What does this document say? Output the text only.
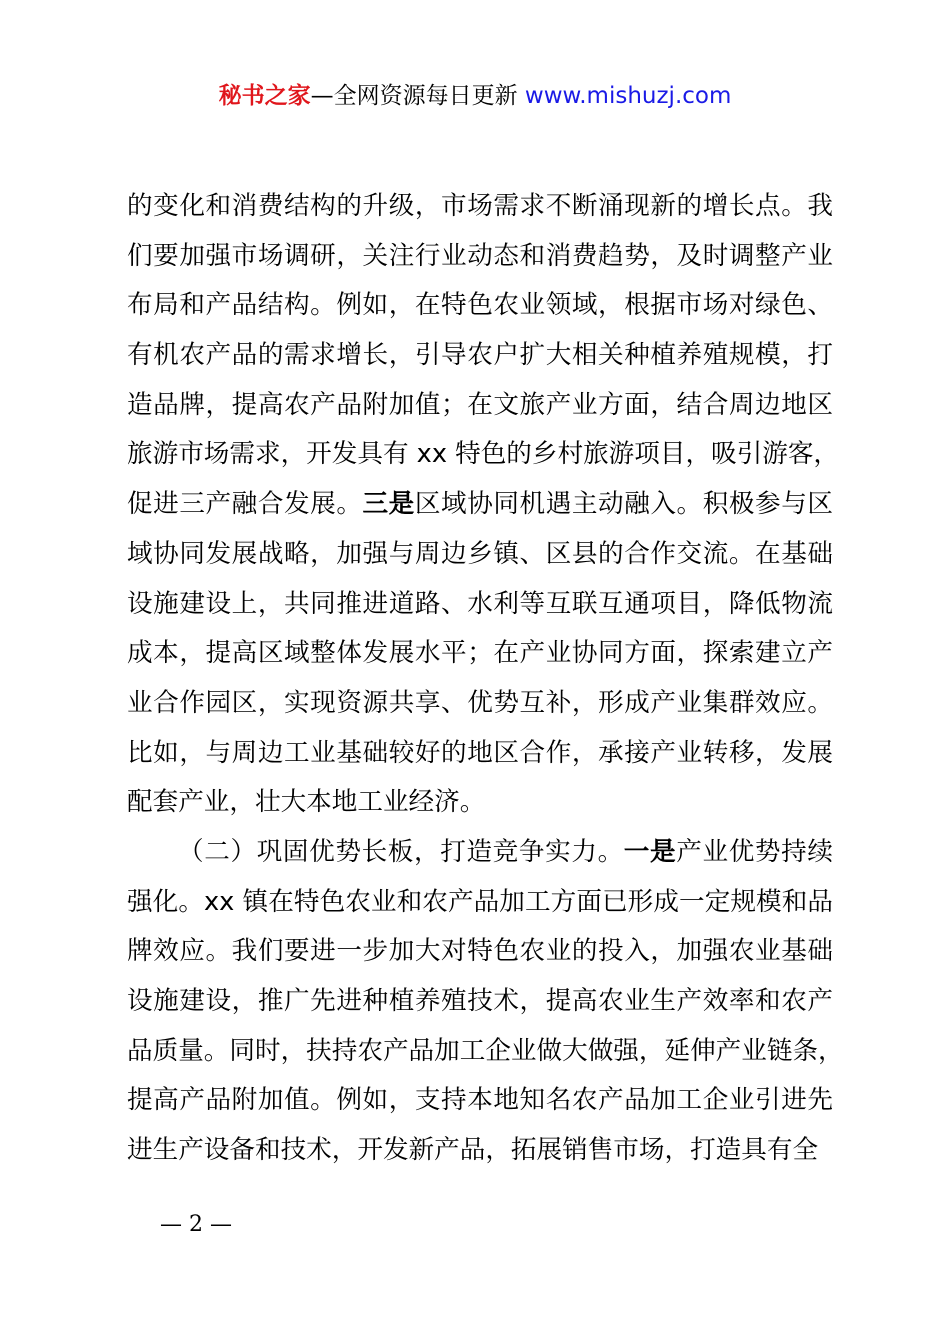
秘书之家—全网资源每日更新 www.mishuzj.com
的变化和消费结构的升级，市场需求不断涌现新的增长点。我
们要加强市场调研，关注行业动态和消费趋势，及时调整产业
布局和产品结构。例如，在特色农业领域，根据市场对绿色、
有机农产品的需求增长，引导农户扩大相关种植养殖规模，打
造品牌，提高农产品附加值；在文旅产业方面，结合周边地区
旅游市场需求，开发具有 xx 特色的乡村旅游项目，吸引游客，
促进三产融合发展。三是区域协同机遇主动融入。积极参与区
域协同发展战略，加强与周边乡镇、区县的合作交流。在基础
设施建设上，共同推进道路、水利等互联互通项目，降低物流
成本，提高区域整体发展水平；在产业协同方面，探索建立产
业合作园区，实现资源共享、优势互补，形成产业集群效应。
比如，与周边工业基础较好的地区合作，承接产业转移，发展
配套产业，壮大本地工业经济。
（二）巩固优势长板，打造竞争实力。一是产业优势持续
强化。xx 镇在特色农业和农产品加工方面已形成一定规模和品
牌效应。我们要进一步加大对特色农业的投入，加强农业基础
设施建设，推广先进种植养殖技术，提高农业生产效率和农产
品质量。同时，扶持农产品加工企业做大做强，延伸产业链条，
提高产品附加值。例如，支持本地知名农产品加工企业引进先
进生产设备和技术，开发新产品，拓展销售市场，打造具有全
— 2 —
